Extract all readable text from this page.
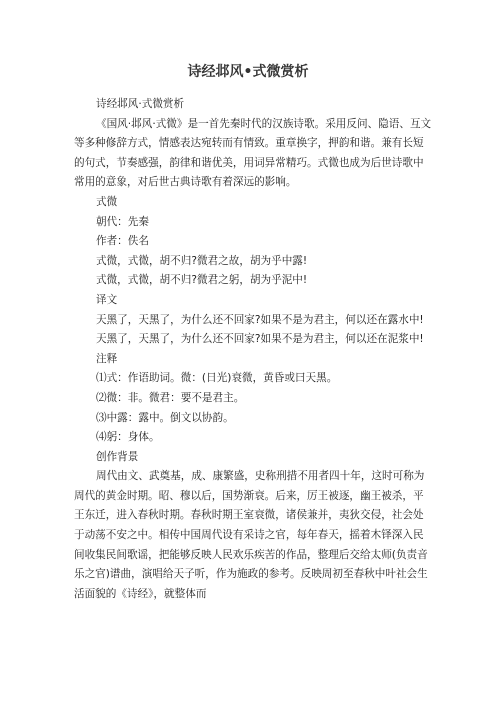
诗经邶风•式微赏析

诗经邶风·式微赏析

《国风·邶风·式微》是一首先秦时代的汉族诗歌。采用反问、隐语、互文等多种修辞方式，情感表达宛转而有情致。重章换字，押韵和谐。兼有长短的句式，节奏感强，韵律和谐优美，用词异常精巧。式微也成为后世诗歌中常用的意象，对后世古典诗歌有着深远的影响。

式微

朝代：先秦

作者：佚名

式微，式微，胡不归?微君之故，胡为乎中露!

式微，式微，胡不归?微君之躬，胡为乎泥中!

译文

天黑了，天黑了，为什么还不回家?如果不是为君主，何以还在露水中!

天黑了，天黑了，为什么还不回家?如果不是为君主，何以还在泥浆中!

注释

⑴式：作语助词。微：(日光)衰微，黄昏或曰天黑。

⑵微：非。微君：要不是君主。

⑶中露：露中。倒文以协韵。

⑷躬：身体。

创作背景

周代由文、武奠基，成、康繁盛，史称刑措不用者四十年，这时可称为周代的黄金时期。昭、穆以后，国势渐衰。后来，厉王被逐，幽王被杀，平王东迁，进入春秋时期。春秋时期王室衰微，诸侯兼并，夷狄交侵，社会处于动荡不安之中。相传中国周代设有采诗之官，每年春天，摇着木铎深入民间收集民间歌谣，把能够反映人民欢乐疾苦的作品，整理后交给太师(负责音乐之官)谱曲，演唱给天子听，作为施政的参考。反映周初至春秋中叶社会生活面貌的《诗经》，就整体而
